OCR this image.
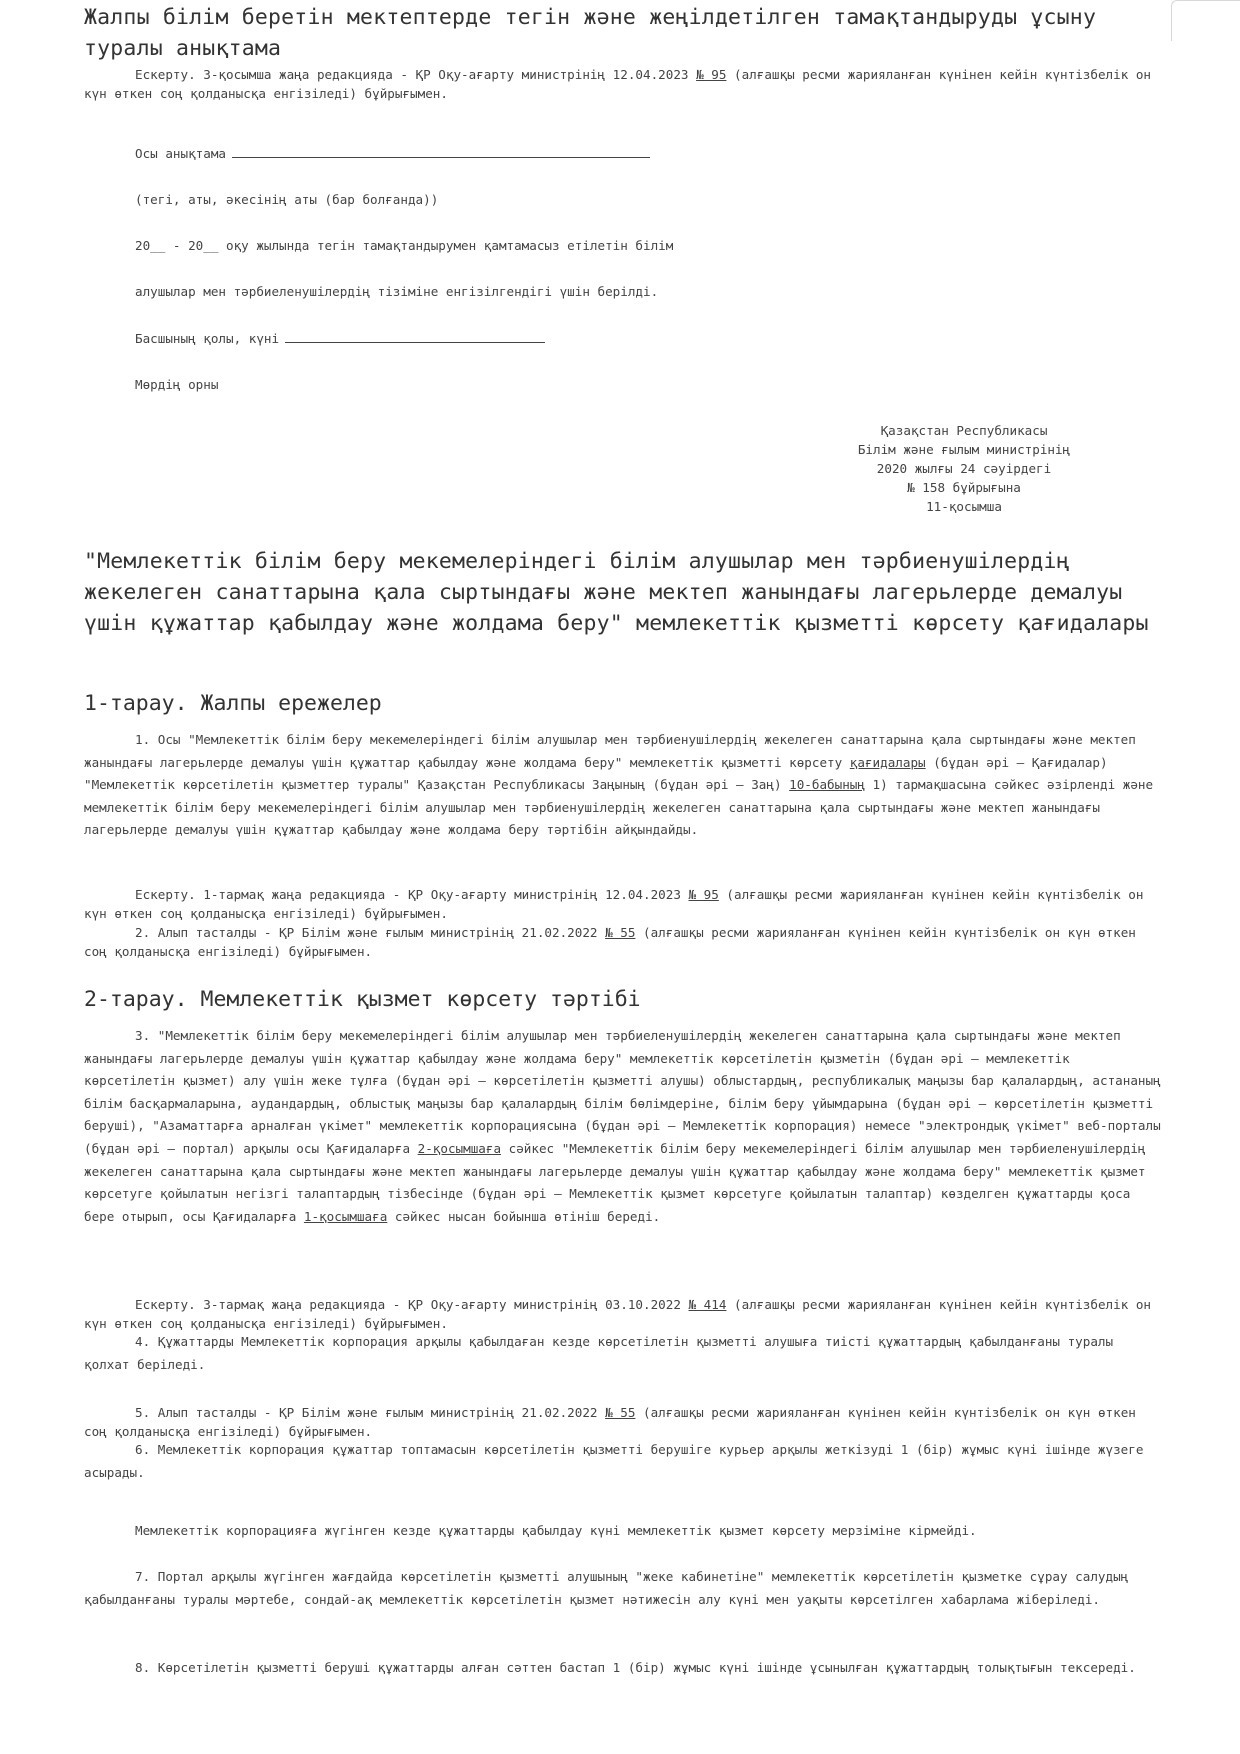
Жалпы білім беретін мектептерде тегін және жеңілдетілген тамақтандыруды ұсыну туралы анықтама
Ескерту. 3-қосымша жаңа редакцияда - ҚР Оқу-ағарту министрінің 12.04.2023 № 95 (алғашқы ресми жарияланған күнінен кейін күнтізбелік он күн өткен соң қолданысқа енгізіледі) бұйрығымен.
Осы анықтама
(тегі, аты, әкесінің аты (бар болғанда))
20__ - 20__ оқу жылында тегін тамақтандырумен қамтамасыз етілетін білім
алушылар мен тәрбиеленушілердің тізіміне енгізілгендігі үшін берілді.
Басшының қолы, күні
Мөрдің орны
Қазақстан Республикасы
Білім және ғылым министрінің
2020 жылғы 24 сәуірдегі
№ 158 бұйрығына
11-қосымша
"Мемлекеттік білім беру мекемелеріндегі білім алушылар мен тәрбиенушілердің жекелеген санаттарына қала сыртындағы және мектеп жанындағы лагерьлерде демалуы үшін құжаттар қабылдау және жолдама беру" мемлекеттік қызметті көрсету қағидалары
1-тарау. Жалпы ережелер
1. Осы "Мемлекеттік білім беру мекемелеріндегі білім алушылар мен тәрбиенушілердің жекелеген санаттарына қала сыртындағы және мектеп жанындағы лагерьлерде демалуы үшін құжаттар қабылдау және жолдама беру" мемлекеттік қызметті көрсету қағидалары (бұдан әрі – Қағидалар) "Мемлекеттік көрсетілетін қызметтер туралы" Қазақстан Республикасы Заңының (бұдан әрі – Заң) 10-бабының 1) тармақшасына сәйкес әзірленді және мемлекеттік білім беру мекемелеріндегі білім алушылар мен тәрбиенушілердің жекелеген санаттарына қала сыртындағы және мектеп жанындағы лагерьлерде демалуы үшін құжаттар қабылдау және жолдама беру тәртібін айқындайды.
Ескерту. 1-тармақ жаңа редакцияда - ҚР Оқу-ағарту министрінің 12.04.2023 № 95 (алғашқы ресми жарияланған күнінен кейін күнтізбелік он күн өткен соң қолданысқа енгізіледі) бұйрығымен.
2. Алып тасталды - ҚР Білім және ғылым министрінің 21.02.2022 № 55 (алғашқы ресми жарияланған күнінен кейін күнтізбелік он күн өткен соң қолданысқа енгізіледі) бұйрығымен.
2-тарау. Мемлекеттік қызмет көрсету тәртібі
3. "Мемлекеттік білім беру мекемелеріндегі білім алушылар мен тәрбиеленушілердің жекелеген санаттарына қала сыртындағы және мектеп жанындағы лагерьлерде демалуы үшін құжаттар қабылдау және жолдама беру" мемлекеттік көрсетілетін қызметін (бұдан әрі – мемлекеттік көрсетілетін қызмет) алу үшін жеке тұлға (бұдан әрі – көрсетілетін қызметті алушы) облыстардың, республикалық маңызы бар қалалардың, астананың білім басқармаларына, аудандардың, облыстық маңызы бар қалалардың білім бөлімдеріне, білім беру ұйымдарына (бұдан әрі – көрсетілетін қызметті беруші), "Азаматтарға арналған үкімет" мемлекеттік корпорациясына (бұдан әрі – Мемлекеттік корпорация) немесе "электрондық үкімет" веб-порталы (бұдан әрі – портал) арқылы осы Қағидаларға 2-қосымшаға сәйкес "Мемлекеттік білім беру мекемелеріндегі білім алушылар мен тәрбиеленушілердің жекелеген санаттарына қала сыртындағы және мектеп жанындағы лагерьлерде демалуы үшін құжаттар қабылдау және жолдама беру" мемлекеттік қызмет көрсетуге қойылатын негізгі талаптардың тізбесінде (бұдан әрі – Мемлекеттік қызмет көрсетуге қойылатын талаптар) көзделген құжаттарды қоса бере отырып, осы Қағидаларға 1-қосымшаға сәйкес нысан бойынша өтініш береді.
Ескерту. 3-тармақ жаңа редакцияда - ҚР Оқу-ағарту министрінің 03.10.2022 № 414 (алғашқы ресми жарияланған күнінен кейін күнтізбелік он күн өткен соң қолданысқа енгізіледі) бұйрығымен.
4. Құжаттарды Мемлекеттік корпорация арқылы қабылдаған кезде көрсетілетін қызметті алушыға тиісті құжаттардың қабылданғаны туралы қолхат беріледі.
5. Алып тасталды - ҚР Білім және ғылым министрінің 21.02.2022 № 55 (алғашқы ресми жарияланған күнінен кейін күнтізбелік он күн өткен соң қолданысқа енгізіледі) бұйрығымен.
6. Мемлекеттік корпорация құжаттар топтамасын көрсетілетін қызметті берушіге курьер арқылы жеткізуді 1 (бір) жұмыс күні ішінде жүзеге асырады.
Мемлекеттік корпорацияға жүгінген кезде құжаттарды қабылдау күні мемлекеттік қызмет көрсету мерзіміне кірмейді.
7. Портал арқылы жүгінген жағдайда көрсетілетін қызметті алушының "жеке кабинетіне" мемлекеттік көрсетілетін қызметке сұрау салудың қабылданғаны туралы мәртебе, сондай-ақ мемлекеттік көрсетілетін қызмет нәтижесін алу күні мен уақыты көрсетілген хабарлама жіберіледі.
8. Көрсетілетін қызметті беруші құжаттарды алған сәттен бастап 1 (бір) жұмыс күні ішінде ұсынылған құжаттардың толықтығын тексереді.
